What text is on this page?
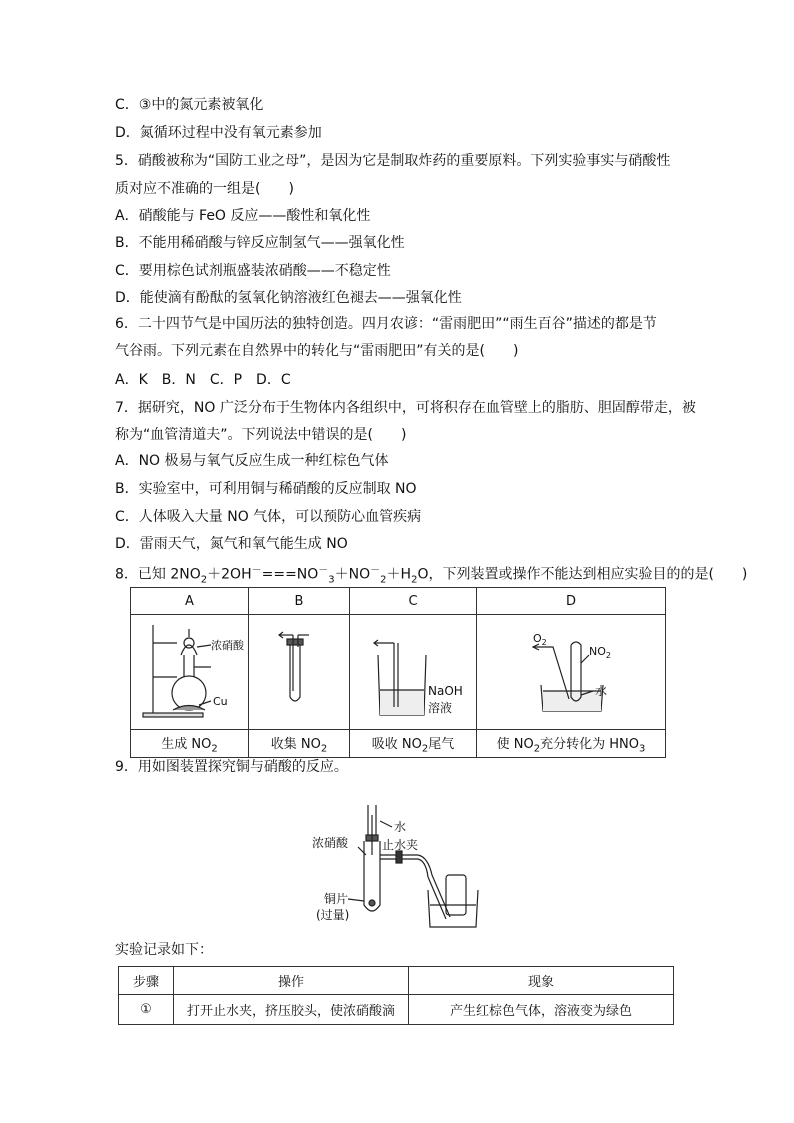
C．③中的氮元素被氧化
D．氮循环过程中没有氧元素参加
5．硝酸被称为“国防工业之母”，是因为它是制取炸药的重要原料。下列实验事实与硝酸性
质对应不准确的一组是(　　)
A．硝酸能与 FeO 反应——酸性和氧化性
B．不能用稀硝酸与锌反应制氢气——强氧化性
C．要用棕色试剂瓶盛装浓硝酸——不稳定性
D．能使滴有酚酞的氢氧化钠溶液红色褪去——强氧化性
6．二十四节气是中国历法的独特创造。四月农谚：“雷雨肥田”“雨生百谷”描述的都是节
气谷雨。下列元素在自然界中的转化与“雷雨肥田”有关的是(　　)
A．K　B．N　C．P　D．C
7．据研究，NO 广泛分布于生物体内各组织中，可将积存在血管壁上的脂肪、胆固醇带走，被
称为“血管清道夫”。下列说法中错误的是(　　)
A．NO 极易与氧气反应生成一种红棕色气体
B．实验室中，可利用铜与稀硝酸的反应制取 NO
C．人体吸入大量 NO 气体，可以预防心血管疾病
D．雷雨天气，氮气和氧气能生成 NO
8．已知 $2NO_2+2OH^-===NO^-_3+NO^-_2+H_2O$，下列装置或操作不能达到相应实验目的的是(　　)
A	B	C	D

浓硝酸
Cu		NaOH
溶液	$O_2$
$NO_2$
水

生成 $NO_2$	收集 $NO_2$	吸收 $NO_2$尾气	使 $NO_2$充分转化为 $HNO_3$
9．用如图装置探究铜与硝酸的反应。
水
浓硝酸	止水夹
铜片
(过量)
实验记录如下：
步骤	操作	现象
①	打开止水夹，挤压胶头，使浓硝酸滴	产生红棕色气体，溶液变为绿色
